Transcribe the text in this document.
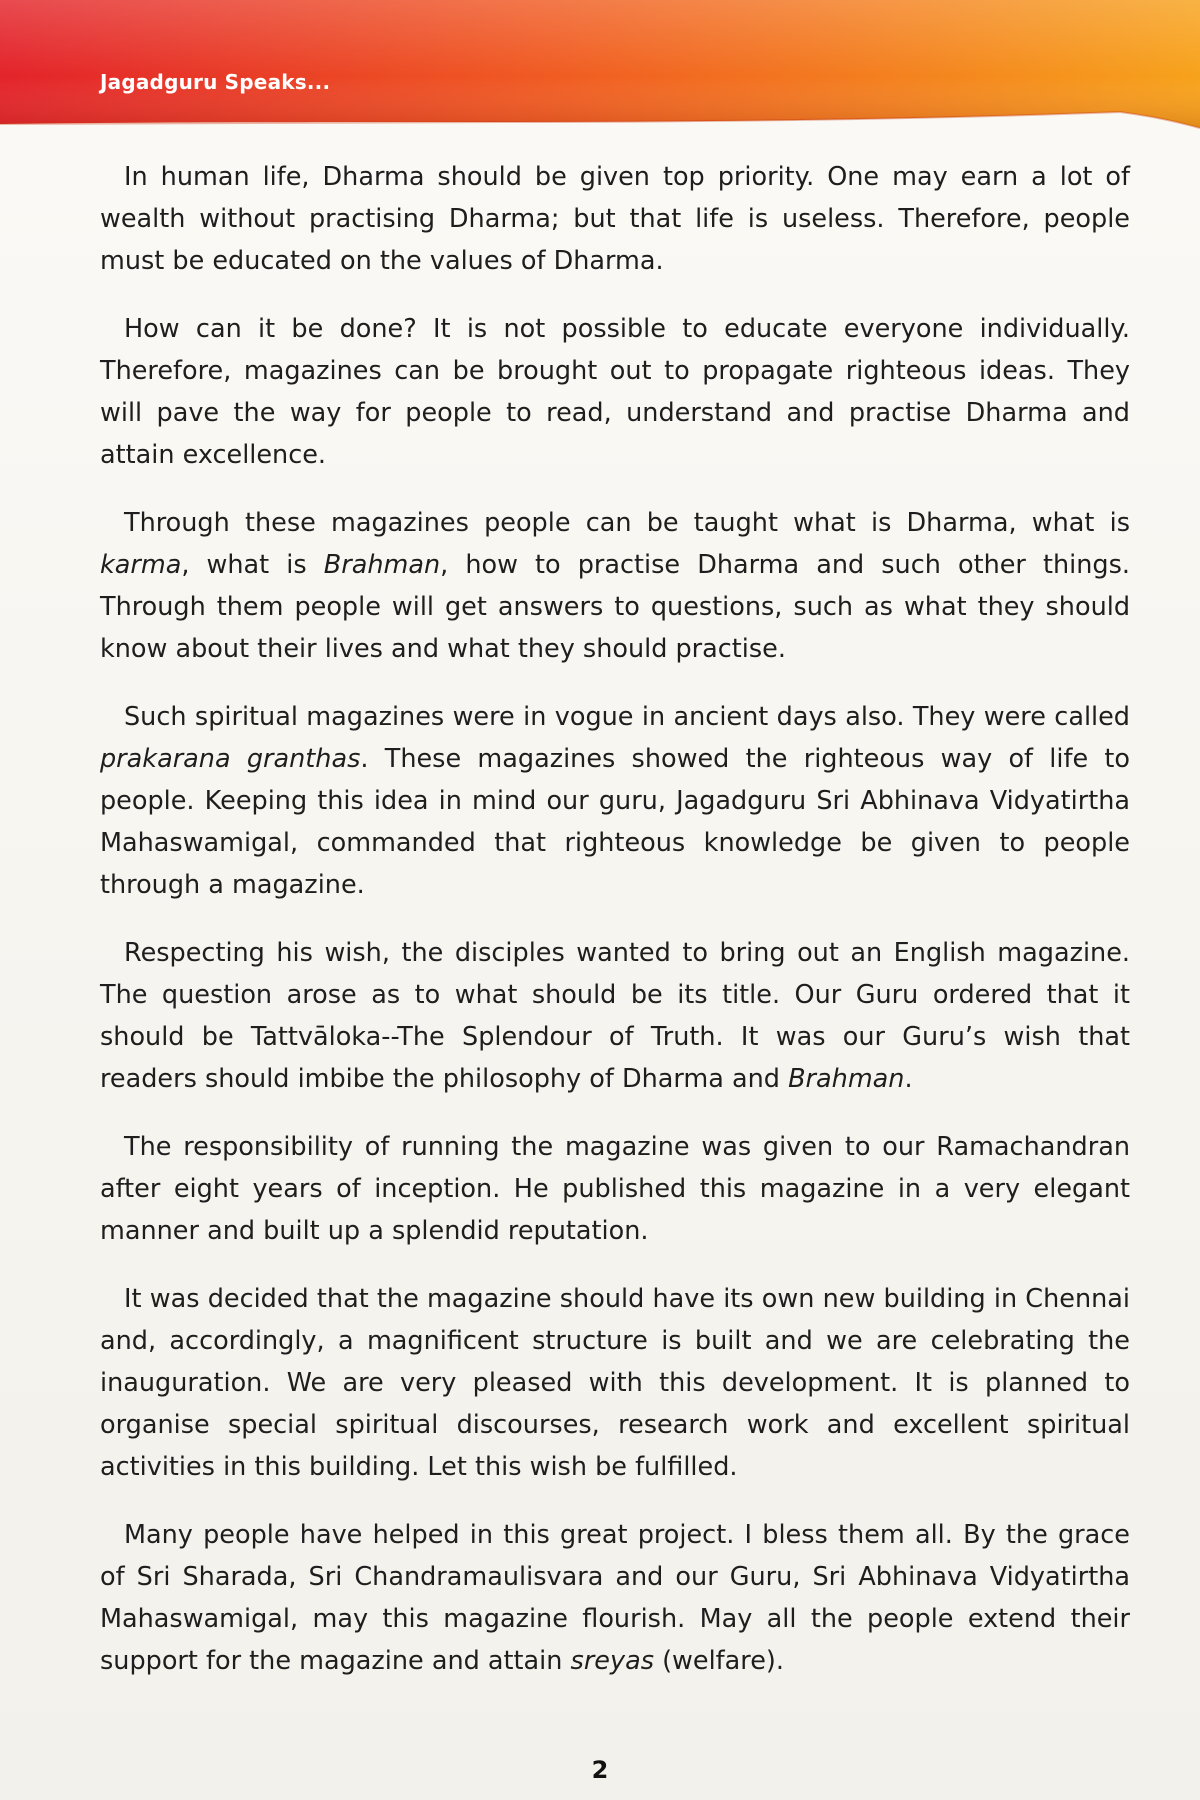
Jagadguru Speaks...

In human life, Dharma should be given top priority. One may earn a lot of wealth without practising Dharma; but that life is useless. Therefore, people must be educated on the values of Dharma.

How can it be done? It is not possible to educate everyone individually. Therefore, magazines can be brought out to propagate righteous ideas. They will pave the way for people to read, understand and practise Dharma and attain excellence.

Through these magazines people can be taught what is Dharma, what is karma, what is Brahman, how to practise Dharma and such other things. Through them people will get answers to questions, such as what they should know about their lives and what they should practise.

Such spiritual magazines were in vogue in ancient days also. They were called prakarana granthas. These magazines showed the righteous way of life to people. Keeping this idea in mind our guru, Jagadguru Sri Abhinava Vidyatirtha Mahaswamigal, commanded that righteous knowledge be given to people through a magazine.

Respecting his wish, the disciples wanted to bring out an English magazine. The question arose as to what should be its title. Our Guru ordered that it should be Tattvāloka--The Splendour of Truth. It was our Guru’s wish that readers should imbibe the philosophy of Dharma and Brahman.

The responsibility of running the magazine was given to our Ramachandran after eight years of inception. He published this magazine in a very elegant manner and built up a splendid reputation.

It was decided that the magazine should have its own new building in Chennai and, accordingly, a magnificent structure is built and we are celebrating the inauguration. We are very pleased with this development. It is planned to organise special spiritual discourses, research work and excellent spiritual activities in this building. Let this wish be fulfilled.

Many people have helped in this great project. I bless them all. By the grace of Sri Sharada, Sri Chandramaulisvara and our Guru, Sri Abhinava Vidyatirtha Mahaswamigal, may this magazine flourish. May all the people extend their support for the magazine and attain sreyas (welfare).

2
